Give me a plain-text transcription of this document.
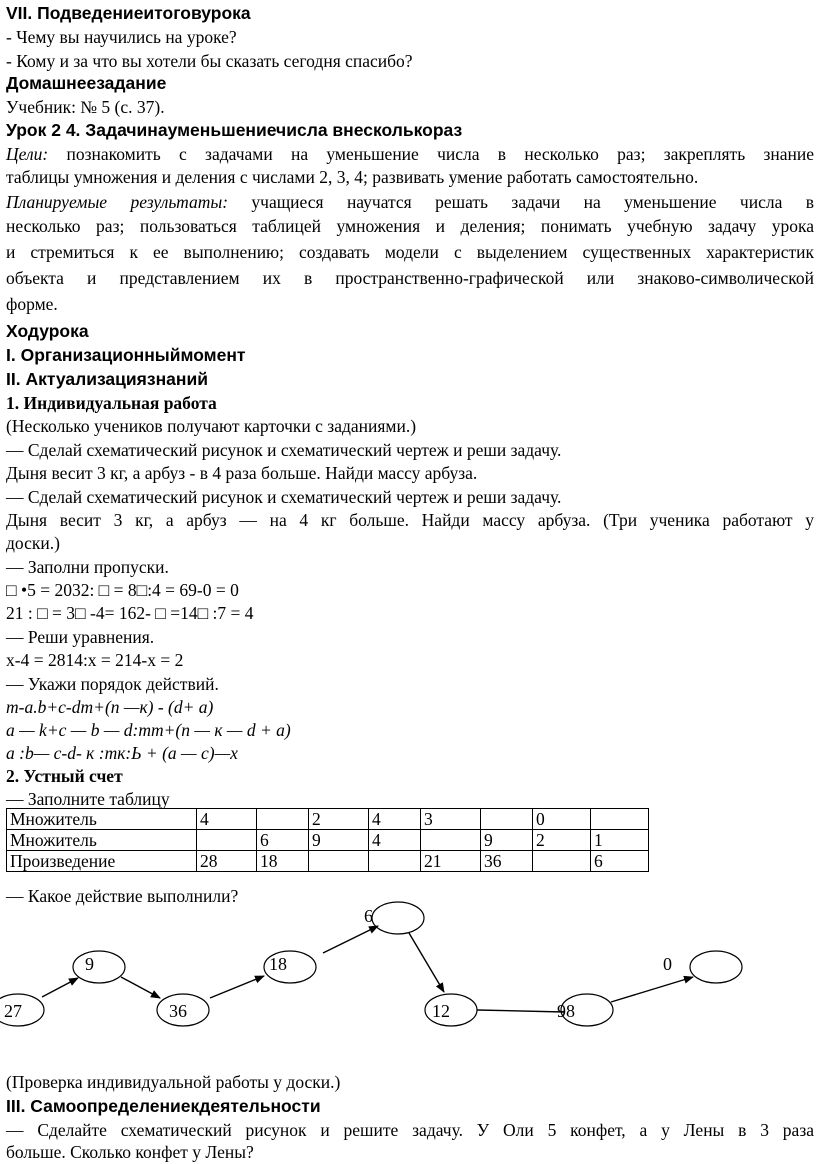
VII. Подведениеитоговурока
- Чему вы научились на уроке?
- Кому и за что вы хотели бы сказать сегодня спасибо?
Домашнеезадание
Учебник: № 5 (с. 37).
Урок 2 4. Задачинауменьшениечисла внесколькораз
Цели: познакомить с задачами на уменьшение числа в несколько раз; закреплять знание
таблицы умножения и деления с числами 2, 3, 4; развивать умение работать самостоятельно.
Планируемые результаты: учащиеся научатся решать задачи на уменьшение числа в
несколько раз; пользоваться таблицей умножения и деления; понимать учебную задачу урока
и стремиться к ее выполнению; создавать модели с выделением существенных характеристик
объекта и представлением их в пространственно-графической или знаково-символической
форме.
Ходурока
I. Организационныймомент
II. Актуализациязнаний
1. Индивидуальная работа
(Несколько учеников получают карточки с заданиями.)
— Сделай схематический рисунок и схематический чертеж и реши задачу.
Дыня весит 3 кг, а арбуз - в 4 раза больше. Найди массу арбуза.
— Сделай схематический рисунок и схематический чертеж и реши задачу.
Дыня весит 3 кг, а арбуз — на 4 кг больше. Найди массу арбуза. (Три ученика работают у
доски.)
— Заполни пропуски.
□ •5 = 2032: □ = 8□:4 = 69-0 = 0
21 : □ = 3□ -4= 162- □ =14□ :7 = 4
— Реши уравнения.
х-4 = 2814:х = 214-х = 2
— Укажи порядок действий.
m-a.b+c-dm+(n —к) - (d+ а)
a — k+c — b — d:mm+(n — к — d + а)
a :b— c-d- к :тк:Ь + (а — с)—х
2. Устный счет
— Заполните таблицу
Множитель	4		2	4	3		0	
Множитель		6	9	4		9	2	1
Произведение	28	18			21	36		6
— Какое действие выполнили?
6
9	18	0
27	36	12	98
(Проверка индивидуальной работы у доски.)
III. Самоопределениекдеятельности
— Сделайте схематический рисунок и решите задачу. У Оли 5 конфет, а у Лены в 3 раза
больше. Сколько конфет у Лены?
